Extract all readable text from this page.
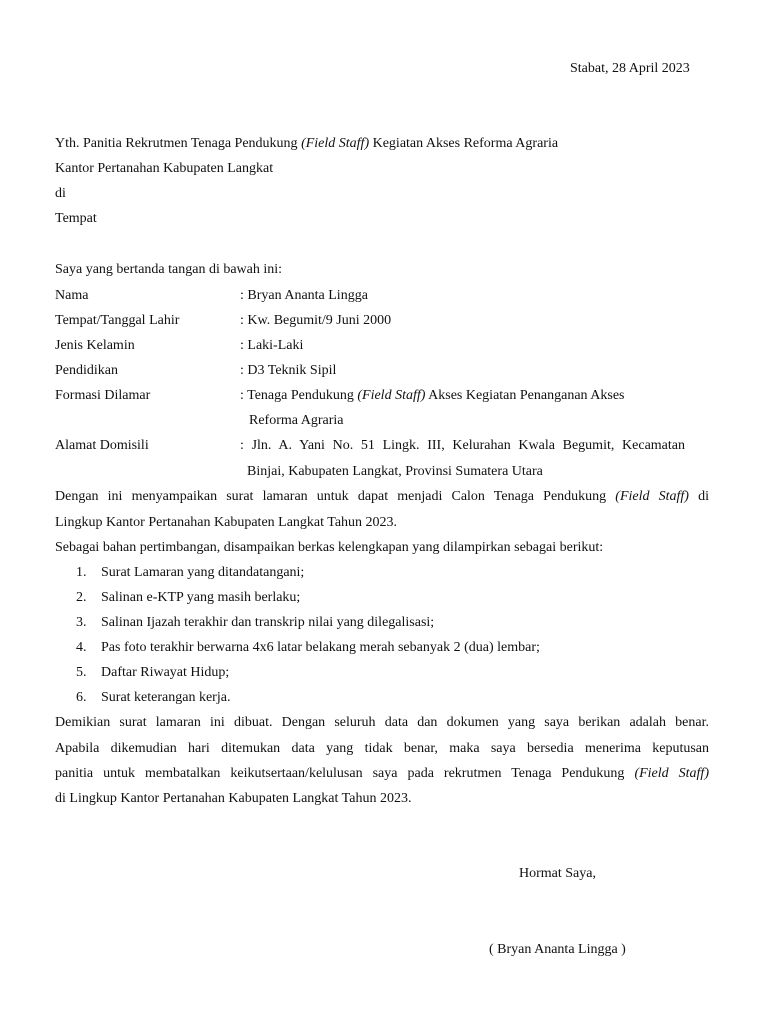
Stabat, 28 April 2023
Yth. Panitia Rekrutmen Tenaga Pendukung (Field Staff) Kegiatan Akses Reforma Agraria
Kantor Pertanahan Kabupaten Langkat
di
Tempat
Saya yang bertanda tangan di bawah ini:
Nama	: Bryan Ananta Lingga
Tempat/Tanggal Lahir	: Kw. Begumit/9 Juni 2000
Jenis Kelamin	: Laki-Laki
Pendidikan	: D3 Teknik Sipil
Formasi Dilamar	: Tenaga Pendukung (Field Staff) Akses Kegiatan Penanganan Akses
Reforma Agraria
Alamat Domisili	: Jln. A. Yani No. 51 Lingk. III, Kelurahan Kwala Begumit, Kecamatan
Binjai, Kabupaten Langkat, Provinsi Sumatera Utara
Dengan ini menyampaikan surat lamaran untuk dapat menjadi Calon Tenaga Pendukung (Field Staff) di
Lingkup Kantor Pertanahan Kabupaten Langkat Tahun 2023.
Sebagai bahan pertimbangan, disampaikan berkas kelengkapan yang dilampirkan sebagai berikut:
1. Surat Lamaran yang ditandatangani;
2. Salinan e-KTP yang masih berlaku;
3. Salinan Ijazah terakhir dan transkrip nilai yang dilegalisasi;
4. Pas foto terakhir berwarna 4x6 latar belakang merah sebanyak 2 (dua) lembar;
5. Daftar Riwayat Hidup;
6. Surat keterangan kerja.
Demikian surat lamaran ini dibuat. Dengan seluruh data dan dokumen yang saya berikan adalah benar.
Apabila dikemudian hari ditemukan data yang tidak benar, maka saya bersedia menerima keputusan
panitia untuk membatalkan keikutsertaan/kelulusan saya pada rekrutmen Tenaga Pendukung (Field Staff)
di Lingkup Kantor Pertanahan Kabupaten Langkat Tahun 2023.
Hormat Saya,
( Bryan Ananta Lingga )
